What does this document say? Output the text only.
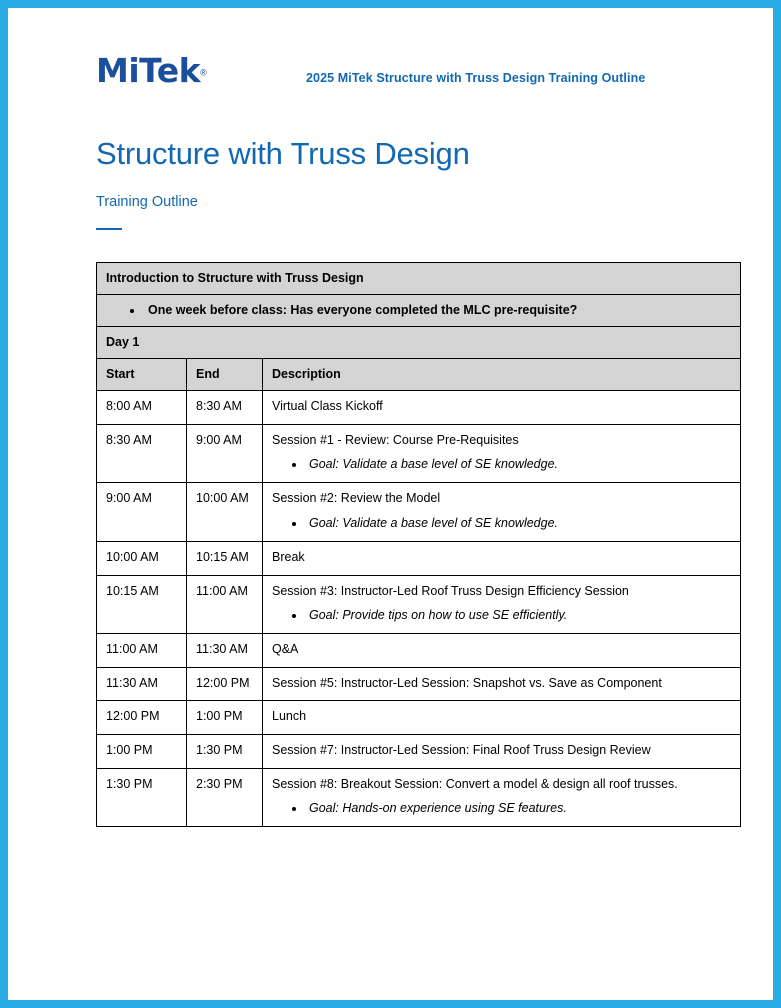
MiTek®	2025 MiTek Structure with Truss Design Training Outline
Structure with Truss Design
Training Outline
Introduction to Structure with Truss Design		

• One week before class: Has everyone completed the MLC pre-requisite?

Day 1		
Start	End	Description
8:00 AM	8:30 AM	Virtual Class Kickoff

8:30 AM	9:00 AM	Session #1 - Review: Course Pre-Requisites
• Goal: Validate a base level of SE knowledge.

9:00 AM	10:00 AM	Session #2: Review the Model
• Goal: Validate a base level of SE knowledge.

10:00 AM	10:15 AM	Break

10:15 AM	11:00 AM	Session #3: Instructor-Led Roof Truss Design Efficiency Session
• Goal: Provide tips on how to use SE efficiently.

11:00 AM	11:30 AM	Q&A

11:30 AM	12:00 PM	Session #5: Instructor-Led Session: Snapshot vs. Save as Component

12:00 PM	1:00 PM	Lunch

1:00 PM	1:30 PM	Session #7: Instructor-Led Session: Final Roof Truss Design Review

1:30 PM	2:30 PM	Session #8: Breakout Session: Convert a model & design all roof trusses.
• Goal: Hands-on experience using SE features.
